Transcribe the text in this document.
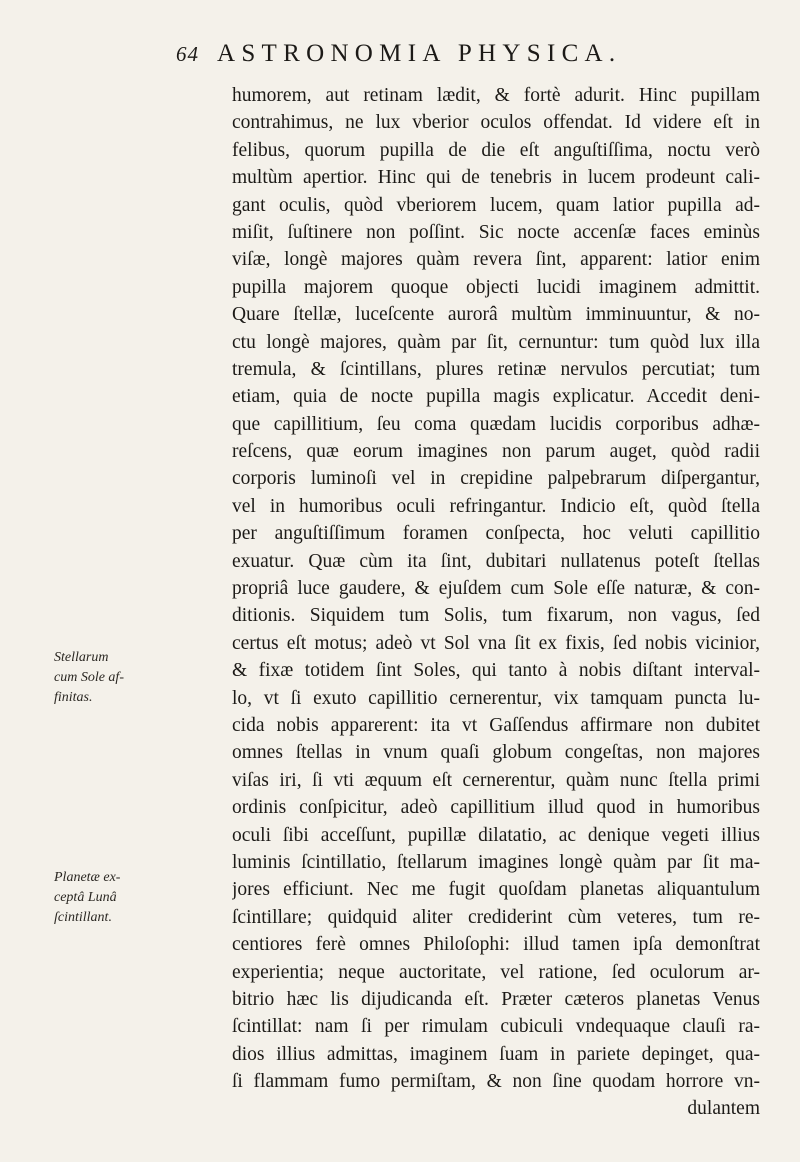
64 ASTRONOMIA PHYSICA.
Stellarum
cum Sole af-
finitas.
Planetæ ex-
ceptâ Lunâ
ſcintillant.
humorem, aut retinam lædit, & fortè adurit. Hinc pupillam
contrahimus, ne lux vberior oculos offendat. Id videre eſt in
felibus, quorum pupilla de die eſt anguſtiſſima, noctu verò
multùm apertior. Hinc qui de tenebris in lucem prodeunt cali-
gant oculis, quòd vberiorem lucem, quam latior pupilla ad-
miſit, ſuſtinere non poſſint. Sic nocte accenſæ faces eminùs
viſæ, longè majores quàm revera ſint, apparent: latior enim
pupilla majorem quoque objecti lucidi imaginem admittit.
Quare ſtellæ, luceſcente aurorâ multùm imminuuntur, & no-
ctu longè majores, quàm par ſit, cernuntur: tum quòd lux illa
tremula, & ſcintillans, plures retinæ nervulos percutiat; tum
etiam, quia de nocte pupilla magis explicatur. Accedit deni-
que capillitium, ſeu coma quædam lucidis corporibus adhæ-
reſcens, quæ eorum imagines non parum auget, quòd radii
corporis luminoſi vel in crepidine palpebrarum diſpergantur,
vel in humoribus oculi refringantur. Indicio eſt, quòd ſtella
per anguſtiſſimum foramen conſpecta, hoc veluti capillitio
exuatur. Quæ cùm ita ſint, dubitari nullatenus poteſt ſtellas
propriâ luce gaudere, & ejuſdem cum Sole eſſe naturæ, & con-
ditionis. Siquidem tum Solis, tum fixarum, non vagus, ſed
certus eſt motus; adeò vt Sol vna ſit ex fixis, ſed nobis vicinior,
& fixæ totidem ſint Soles, qui tanto à nobis diſtant interval-
lo, vt ſi exuto capillitio cernerentur, vix tamquam puncta lu-
cida nobis apparerent: ita vt Gaſſendus affirmare non dubitet
omnes ſtellas in vnum quaſi globum congeſtas, non majores
viſas iri, ſi vti æquum eſt cernerentur, quàm nunc ſtella primi
ordinis conſpicitur, adeò capillitium illud quod in humoribus
oculi ſibi acceſſunt, pupillæ dilatatio, ac denique vegeti illius
luminis ſcintillatio, ſtellarum imagines longè quàm par ſit ma-
jores efficiunt. Nec me fugit quoſdam planetas aliquantulum
ſcintillare; quidquid aliter crediderint cùm veteres, tum re-
centiores ferè omnes Philoſophi: illud tamen ipſa demonſtrat
experientia; neque auctoritate, vel ratione, ſed oculorum ar-
bitrio hæc lis dijudicanda eſt. Præter cæteros planetas Venus
ſcintillat: nam ſi per rimulam cubiculi vndequaque clauſi ra-
dios illius admittas, imaginem ſuam in pariete depinget, qua-
ſi flammam fumo permiſtam, & non ſine quodam horrore vn-
dulantem
